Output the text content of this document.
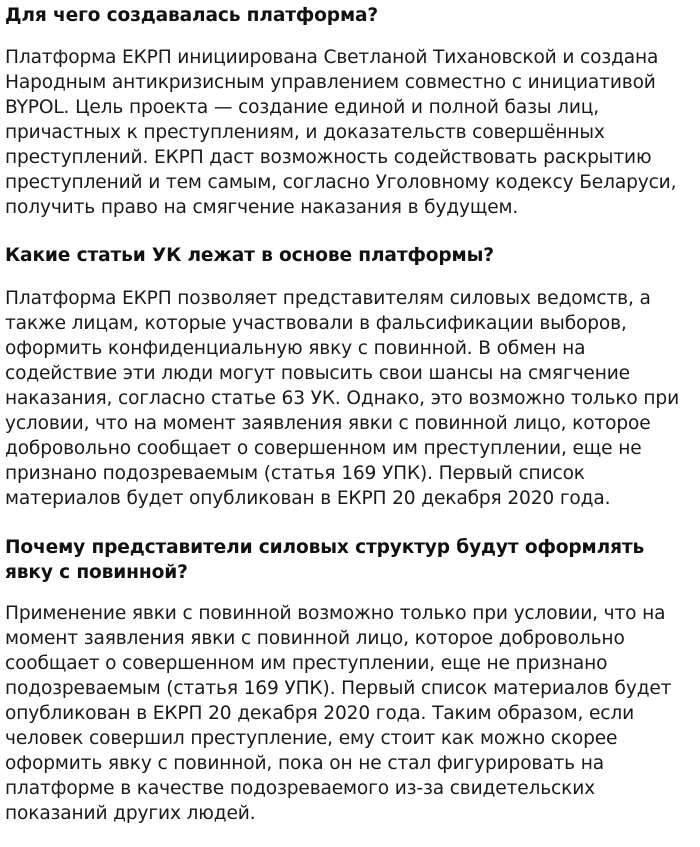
Для чего создавалась платформа?

Платформа ЕКРП инициирована Светланой Тихановской и создана Народным антикризисным управлением совместно с инициативой BYPOL. Цель проекта — создание единой и полной базы лиц, причастных к преступлениям, и доказательств совершённых преступлений. ЕКРП даст возможность содействовать раскрытию преступлений и тем самым, согласно Уголовному кодексу Беларуси, получить право на смягчение наказания в будущем.

Какие статьи УК лежат в основе платформы?

Платформа ЕКРП позволяет представителям силовых ведомств, а также лицам, которые участвовали в фальсификации выборов, оформить конфиденциальную явку с повинной. В обмен на содействие эти люди могут повысить свои шансы на смягчение наказания, согласно статье 63 УК. Однако, это возможно только при условии, что на момент заявления явки с повинной лицо, которое добровольно сообщает о совершенном им преступлении, еще не признано подозреваемым (статья 169 УПК). Первый список материалов будет опубликован в ЕКРП 20 декабря 2020 года.

Почему представители силовых структур будут оформлять явку с повинной?

Применение явки с повинной возможно только при условии, что на момент заявления явки с повинной лицо, которое добровольно сообщает о совершенном им преступлении, еще не признано подозреваемым (статья 169 УПК). Первый список материалов будет опубликован в ЕКРП 20 декабря 2020 года. Таким образом, если человек совершил преступление, ему стоит как можно скорее оформить явку с повинной, пока он не стал фигурировать на платформе в качестве подозреваемого из-за свидетельских показаний других людей.
